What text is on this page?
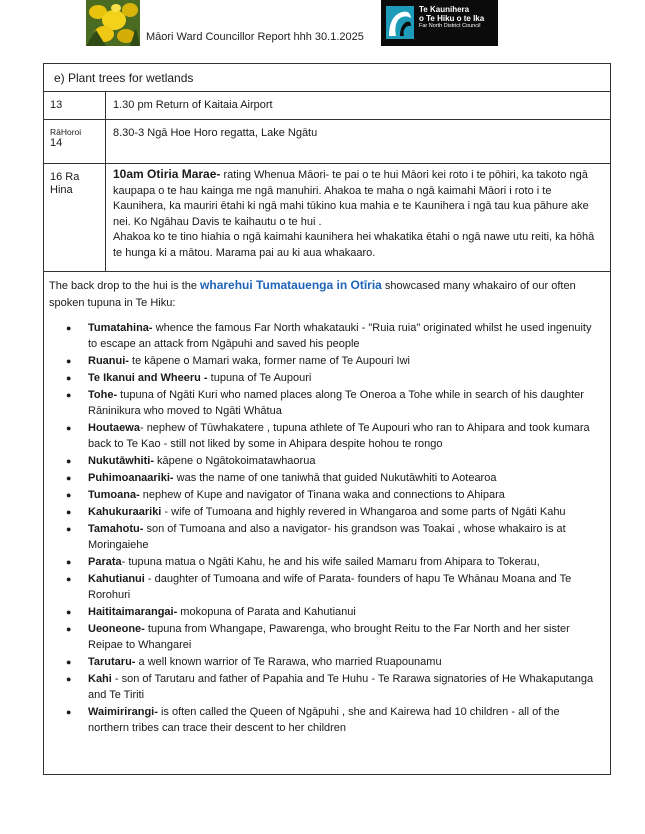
Māori Ward Councillor Report hhh 30.1.2025
Te Kaunihera
o Te Hiku o te Ika
Far North District Council
e) Plant trees for wetlands
13	1.30 pm Return of Kaitaia Airport
RāHoroi
14
8.30-3 Ngā Hoe Horo regatta, Lake Ngātu
16 Ra
Hina
10am Otiria Marae- rating Whenua Māori- te pai o te hui Māori kei roto i te pōhiri, ka takoto ngā kaupapa o te hau kainga me ngā manuhiri. Ahakoa te maha o ngā kaimahi Māori i roto i te Kaunihera, ka mauriri ētahi ki ngā mahi tūkino kua mahia e te Kaunihera i ngā tau kua pāhure ake nei. Ko Ngāhau Davis te kaihautu o te hui .
Ahakoa ko te tino hiahia o ngā kaimahi kaunihera hei whakatika ētahi o ngā nawe utu reiti, ka hōhā te hunga ki a mātou. Marama pai au ki aua whakaaro.
The back drop to the hui is the wharehui Tumatauenga in Otīria showcased many whakairo of our often spoken tupuna in Te Hiku:
● Tumatahina- whence the famous Far North whakatauki - "Ruia ruia" originated whilst he used ingenuity to escape an attack from Ngāpuhi and saved his people
● Ruanui- te kāpene o Mamari waka, former name of Te Aupouri Iwi
● Te Ikanui and Wheeru - tupuna of Te Aupouri
● Tohe- tupuna of Ngāti Kuri who named places along Te Oneroa a Tohe while in search of his daughter Rāninikura who moved to Ngāti Whātua
● Houtaewa- nephew of Tūwhakatere , tupuna athlete of Te Aupouri who ran to Ahipara and took kumara back to Te Kao - still not liked by some in Ahipara despite hohou te rongo
● Nukutāwhiti- kāpene o Ngātokoimatawhaorua
● Puhimoanaariki- was the name of one taniwhā that guided Nukutāwhiti to Aotearoa
● Tumoana- nephew of Kupe and navigator of Tinana waka and connections to Ahipara
● Kahukuraariki - wife of Tumoana and highly revered in Whangaroa and some parts of Ngāti Kahu
● Tamahotu- son of Tumoana and also a navigator- his grandson was Toakai , whose whakairo is at Moringaiehe
● Parata- tupuna matua o Ngāti Kahu, he and his wife sailed Mamaru from Ahipara to Tokerau,
● Kahutianui - daughter of Tumoana and wife of Parata- founders of hapu Te Whānau Moana and Te Rorohuri
● Haititaimarangai- mokopuna of Parata and Kahutianui
● Ueoneone- tupuna from Whangape, Pawarenga, who brought Reitu to the Far North and her sister Reipae to Whangarei
● Tarutaru- a well known warrior of Te Rarawa, who married Ruapounamu
● Kahi - son of Tarutaru and father of Papahia and Te Huhu - Te Rarawa signatories of He Whakaputanga and Te Tiriti
● Waimirirangi- is often called the Queen of Ngāpuhi , she and Kairewa had 10 children - all of the northern tribes can trace their descent to her children
